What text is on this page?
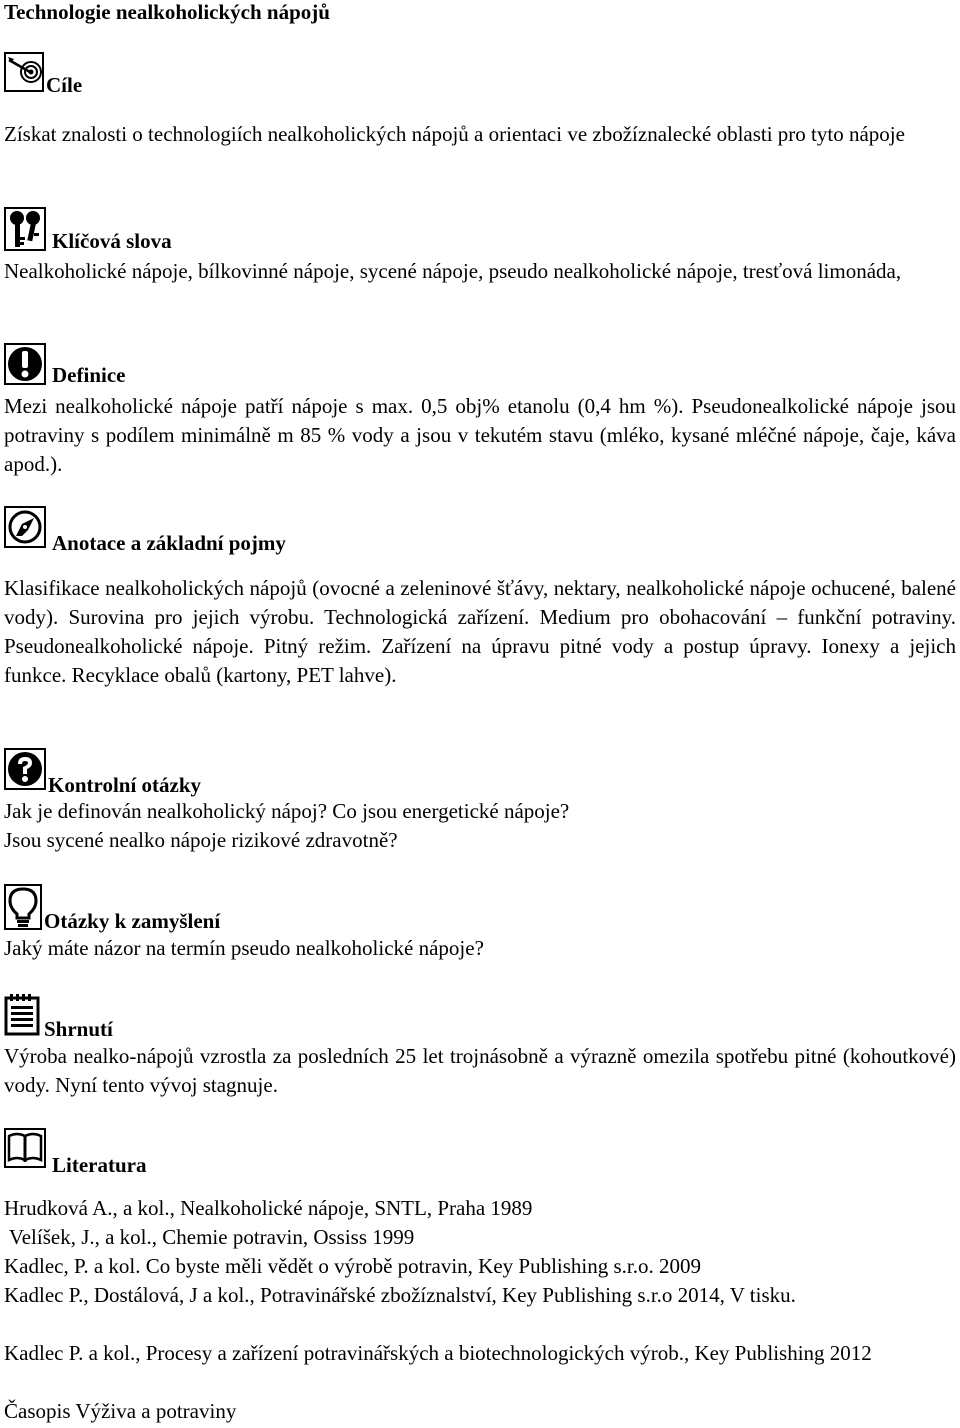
Technologie nealkoholických nápojů
Cíle

Získat znalosti o technologiích nealkoholických nápojů a orientaci ve zbožíznalecké oblasti pro tyto nápoje

Klíčová slova

Nealkoholické nápoje, bílkovinné nápoje, sycené nápoje, pseudo nealkoholické nápoje, tresťová limonáda,

Definice

Mezi nealkoholické nápoje patří nápoje s max. 0,5 obj% etanolu (0,4 hm %). Pseudonealkolické nápoje jsou potraviny s podílem minimálně m 85 % vody a jsou v tekutém stavu (mléko, kysané mléčné nápoje, čaje, káva apod.).

Anotace a základní pojmy

Klasifikace nealkoholických nápojů (ovocné a zeleninové šťávy, nektary, nealkoholické nápoje ochucené, balené vody). Surovina pro jejich výrobu. Technologická zařízení. Medium pro obohacování – funkční potraviny. Pseudonealkoholické nápoje. Pitný režim. Zařízení na úpravu pitné vody a postup úpravy. Ionexy a jejich funkce. Recyklace obalů (kartony, PET lahve).

Kontrolní otázky

Jak je definován nealkoholický nápoj? Co jsou energetické nápoje?

Jsou sycené nealko nápoje rizikové zdravotně?

Otázky k zamyšlení

Jaký máte názor na termín pseudo nealkoholické nápoje?

Shrnutí

Výroba nealko-nápojů vzrostla za posledních 25 let trojnásobně a výrazně omezila spotřebu pitné (kohoutkové) vody. Nyní tento vývoj stagnuje.

Literatura

Hrudková A., a kol., Nealkoholické nápoje, SNTL, Praha 1989

Velíšek, J., a kol., Chemie potravin, Ossiss 1999

Kadlec, P. a kol. Co byste měli vědět o výrobě potravin, Key Publishing s.r.o. 2009

Kadlec P., Dostálová, J a kol., Potravinářské zbožíznalství, Key Publishing s.r.o 2014, V tisku.

Kadlec P. a kol., Procesy a zařízení potravinářských a biotechnologických výrob., Key Publishing 2012

Časopis Výživa a potraviny
